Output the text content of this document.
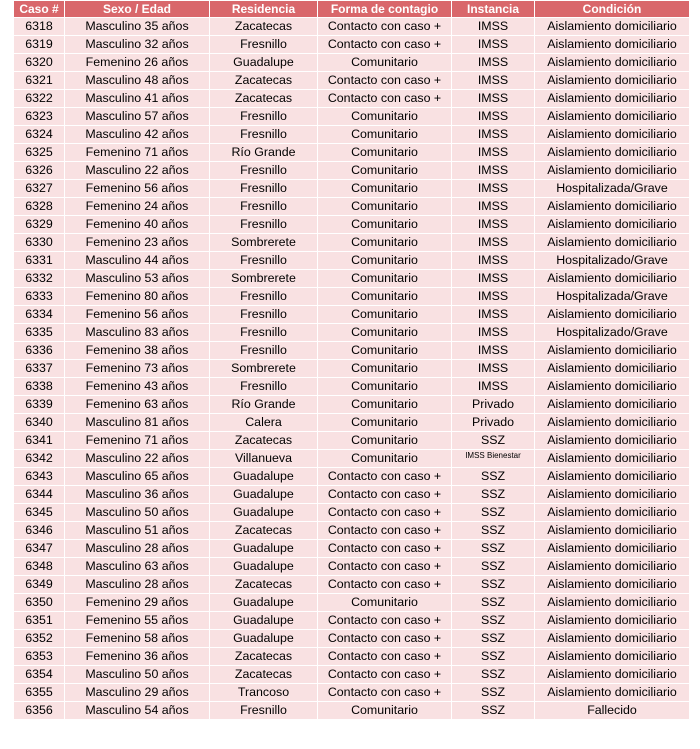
Caso #	Sexo / Edad	Residencia	Forma de contagio	Instancia	Condición
6318	Masculino 35 años	Zacatecas	Contacto con caso +	IMSS	Aislamiento domiciliario
6319	Masculino 32 años	Fresnillo	Contacto con caso +	IMSS	Aislamiento domiciliario
6320	Femenino 26 años	Guadalupe	Comunitario	IMSS	Aislamiento domiciliario
6321	Masculino 48 años	Zacatecas	Contacto con caso +	IMSS	Aislamiento domiciliario
6322	Masculino 41 años	Zacatecas	Contacto con caso +	IMSS	Aislamiento domiciliario
6323	Masculino 57 años	Fresnillo	Comunitario	IMSS	Aislamiento domiciliario
6324	Masculino 42 años	Fresnillo	Comunitario	IMSS	Aislamiento domiciliario
6325	Femenino 71 años	Río Grande	Comunitario	IMSS	Aislamiento domiciliario
6326	Masculino 22 años	Fresnillo	Comunitario	IMSS	Aislamiento domiciliario
6327	Femenino 56 años	Fresnillo	Comunitario	IMSS	Hospitalizada/Grave
6328	Femenino 24 años	Fresnillo	Comunitario	IMSS	Aislamiento domiciliario
6329	Femenino 40 años	Fresnillo	Comunitario	IMSS	Aislamiento domiciliario
6330	Femenino 23 años	Sombrerete	Comunitario	IMSS	Aislamiento domiciliario
6331	Masculino 44 años	Fresnillo	Comunitario	IMSS	Hospitalizado/Grave
6332	Masculino 53 años	Sombrerete	Comunitario	IMSS	Aislamiento domiciliario
6333	Femenino 80 años	Fresnillo	Comunitario	IMSS	Hospitalizada/Grave
6334	Femenino 56 años	Fresnillo	Comunitario	IMSS	Aislamiento domiciliario
6335	Masculino 83 años	Fresnillo	Comunitario	IMSS	Hospitalizado/Grave
6336	Femenino 38 años	Fresnillo	Comunitario	IMSS	Aislamiento domiciliario
6337	Femenino 73 años	Sombrerete	Comunitario	IMSS	Aislamiento domiciliario
6338	Femenino 43 años	Fresnillo	Comunitario	IMSS	Aislamiento domiciliario
6339	Femenino 63 años	Río Grande	Comunitario	Privado	Aislamiento domiciliario
6340	Masculino 81 años	Calera	Comunitario	Privado	Aislamiento domiciliario
6341	Femenino 71 años	Zacatecas	Comunitario	SSZ	Aislamiento domiciliario
6342	Masculino 22 años	Villanueva	Comunitario	IMSS Bienestar	Aislamiento domiciliario
6343	Masculino 65 años	Guadalupe	Contacto con caso +	SSZ	Aislamiento domiciliario
6344	Masculino 36 años	Guadalupe	Contacto con caso +	SSZ	Aislamiento domiciliario
6345	Masculino 50 años	Guadalupe	Contacto con caso +	SSZ	Aislamiento domiciliario
6346	Masculino 51 años	Zacatecas	Contacto con caso +	SSZ	Aislamiento domiciliario
6347	Masculino 28 años	Guadalupe	Contacto con caso +	SSZ	Aislamiento domiciliario
6348	Masculino 63 años	Guadalupe	Contacto con caso +	SSZ	Aislamiento domiciliario
6349	Masculino 28 años	Zacatecas	Contacto con caso +	SSZ	Aislamiento domiciliario
6350	Femenino 29 años	Guadalupe	Comunitario	SSZ	Aislamiento domiciliario
6351	Femenino 55 años	Guadalupe	Contacto con caso +	SSZ	Aislamiento domiciliario
6352	Femenino 58 años	Guadalupe	Contacto con caso +	SSZ	Aislamiento domiciliario
6353	Femenino 36 años	Zacatecas	Contacto con caso +	SSZ	Aislamiento domiciliario
6354	Masculino 50 años	Zacatecas	Contacto con caso +	SSZ	Aislamiento domiciliario
6355	Masculino 29 años	Trancoso	Contacto con caso +	SSZ	Aislamiento domiciliario
6356	Masculino 54 años	Fresnillo	Comunitario	SSZ	Fallecido
